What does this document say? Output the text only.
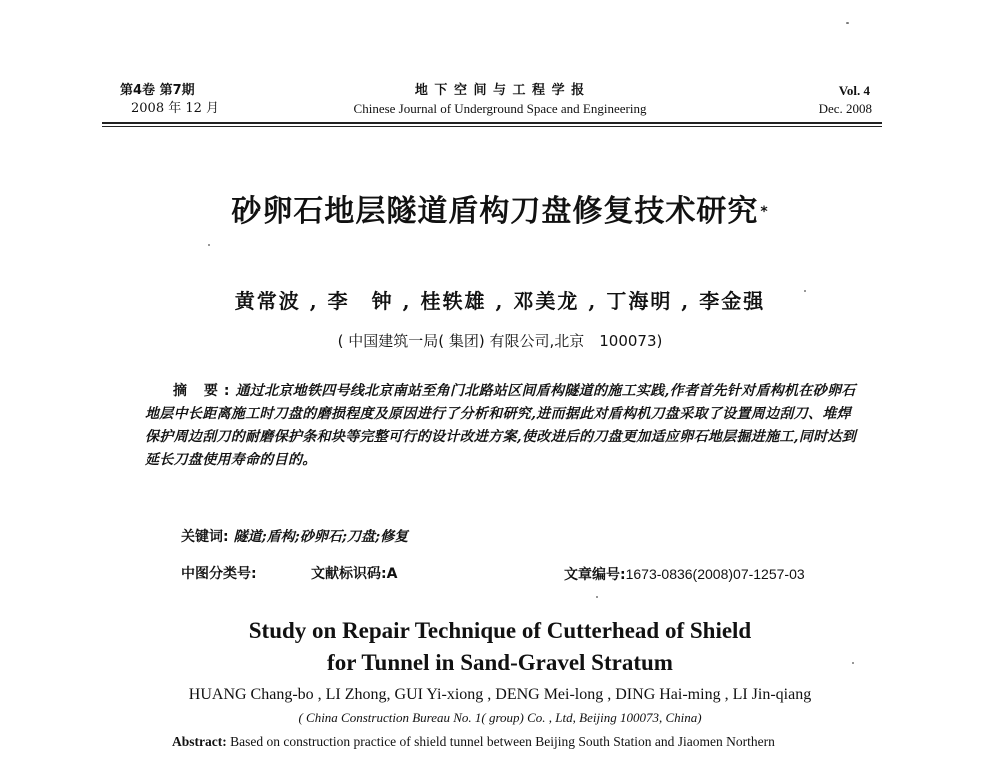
第4卷 第7期
2008 年 12 月
地 下 空 间 与 工 程 学 报
Chinese Journal of Underground Space and Engineering
Vol. 4
Dec. 2008
砂卵石地层隧道盾构刀盘修复技术研究 *
黄常波 , 李　钟 , 桂轶雄 , 邓美龙 , 丁海明 , 李金强
( 中国建筑一局( 集团) 有限公司,北京　100073)
摘 要:通过北京地铁四号线北京南站至角门北路站区间盾构隧道的施工实践,作者首先针对盾构机在砂卵石地层中长距离施工时刀盘的磨损程度及原因进行了分析和研究,进而据此对盾构机刀盘采取了设置周边刮刀、堆焊保护周边刮刀的耐磨保护条和块等完整可行的设计改进方案,使改进后的刀盘更加适应卵石地层掘进施工,同时达到延长刀盘使用寿命的目的。
关键词: 隧道;盾构;砂卵石;刀盘;修复
中图分类号:	文献标识码:A	文章编号:1673-0836(2008)07-1257-03
Study on Repair Technique of Cutterhead of Shield
for Tunnel in Sand-Gravel Stratum
HUANG Chang-bo , LI Zhong, GUI Yi-xiong , DENG Mei-long , DING Hai-ming , LI Jin-qiang
( China Construction Bureau No. 1( group) Co. , Ltd, Beijing 100073, China)
Abstract: Based on construction practice of shield tunnel between Beijing South Station and Jiaomen Northern
